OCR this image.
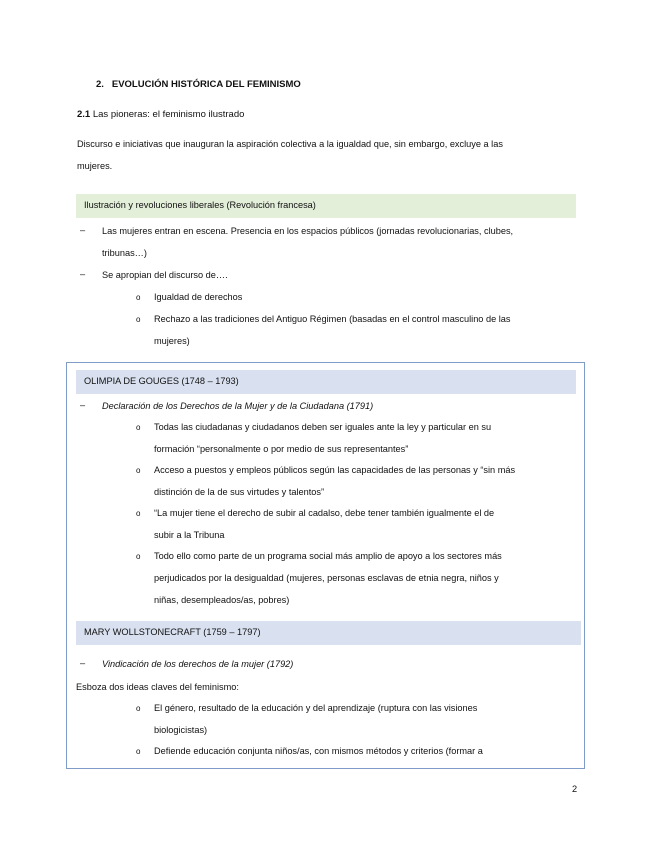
2. EVOLUCIÓN HISTÓRICA DEL FEMINISMO
2.1 Las pioneras: el feminismo ilustrado
Discurso e iniciativas que inauguran la aspiración colectiva a la igualdad que, sin embargo, excluye a las
mujeres.
Ilustración y revoluciones liberales (Revolución francesa)
– Las mujeres entran en escena. Presencia en los espacios públicos (jornadas revolucionarias, clubes,
tribunas…)
– Se apropian del discurso de….
o Igualdad de derechos
o Rechazo a las tradiciones del Antiguo Régimen (basadas en el control masculino de las
mujeres)
OLIMPIA DE GOUGES (1748 – 1793)
– Declaración de los Derechos de la Mujer y de la Ciudadana (1791)
o Todas las ciudadanas y ciudadanos deben ser iguales ante la ley y particular en su
formación “personalmente o por medio de sus representantes”
o Acceso a puestos y empleos públicos según las capacidades de las personas y “sin más
distinción de la de sus virtudes y talentos”
o “La mujer tiene el derecho de subir al cadalso, debe tener también igualmente el de
subir a la Tribuna
o Todo ello como parte de un programa social más amplio de apoyo a los sectores más
perjudicados por la desigualdad (mujeres, personas esclavas de etnia negra, niños y
niñas, desempleados/as, pobres)
MARY WOLLSTONECRAFT (1759 – 1797)
– Vindicación de los derechos de la mujer (1792)
Esboza dos ideas claves del feminismo:
o El género, resultado de la educación y del aprendizaje (ruptura con las visiones
biologicistas)
o Defiende educación conjunta niños/as, con mismos métodos y criterios (formar a
2
